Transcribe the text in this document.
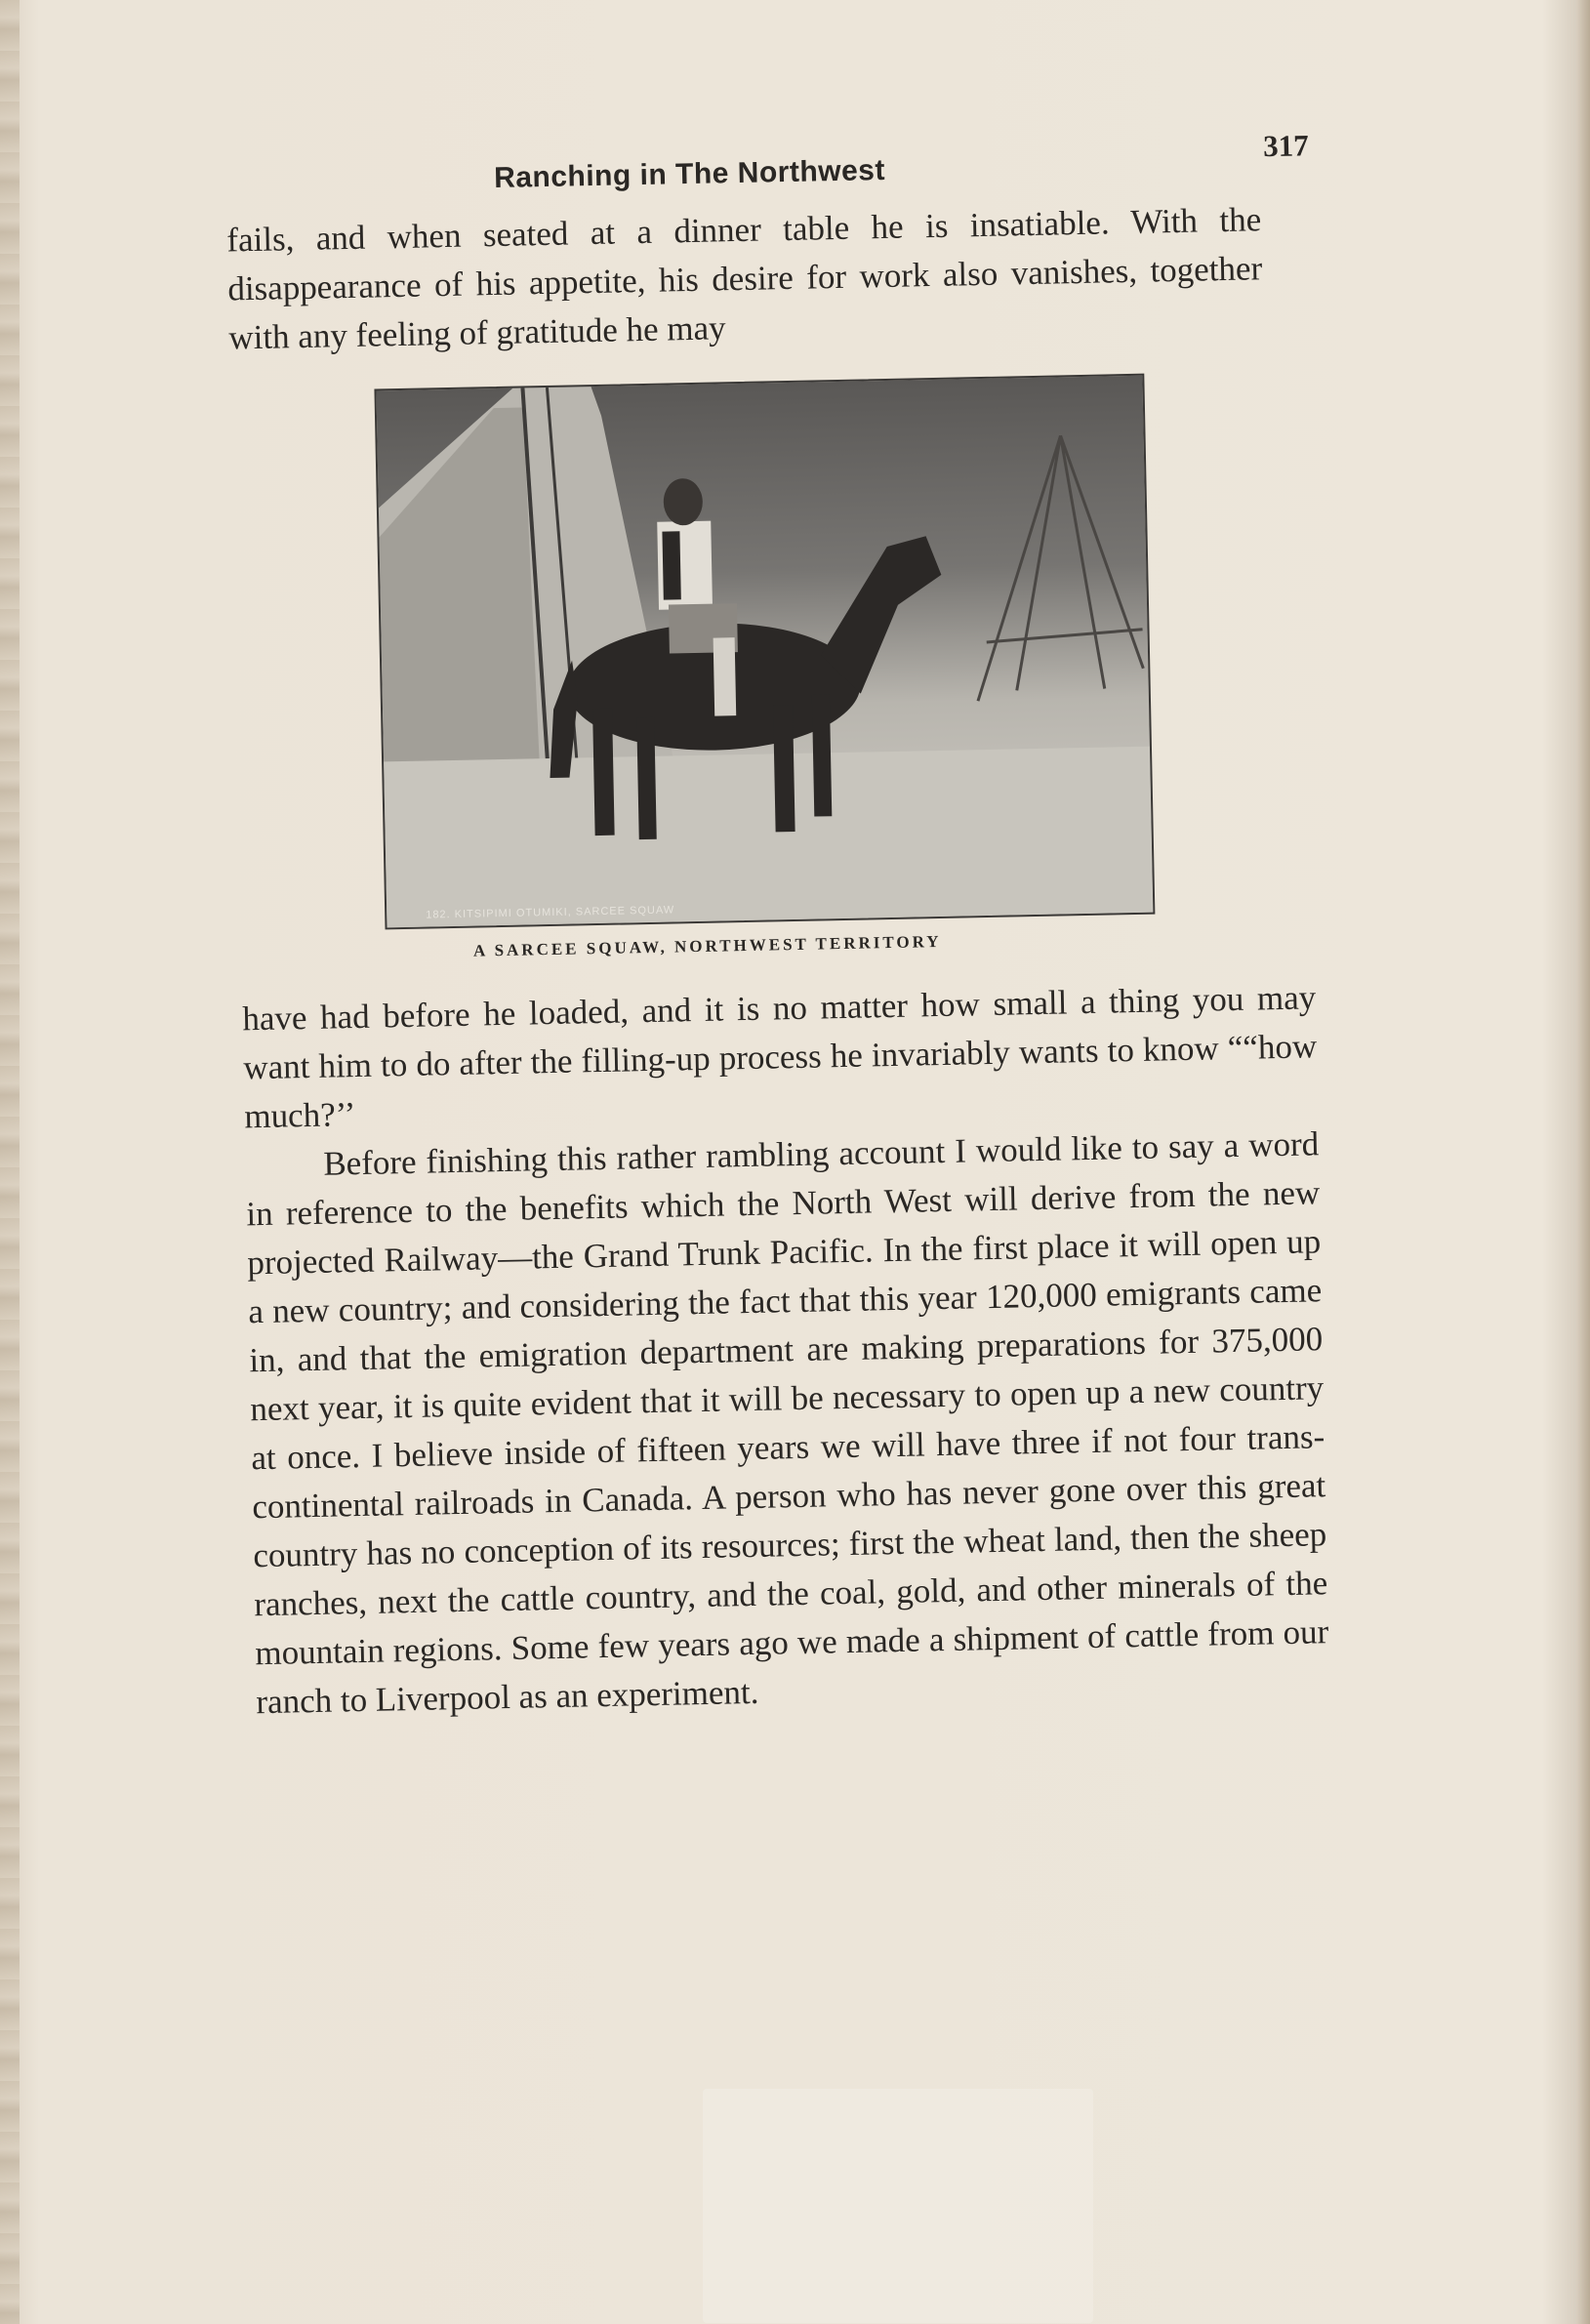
Ranching in The Northwest
317

fails, and when seated at a dinner table he is insatiable. With the disappearance of his appetite, his desire for work also vanishes, together with any feeling of gratitude he may

182. KITSIPIMI OTUMIKI, SARCEE SQUAW
A SARCEE SQUAW, NORTHWEST TERRITORY

have had before he loaded, and it is no matter how small a thing you may want him to do after the filling-up process he invariably wants to know ““how much?’’

Before finishing this rather rambling account I would like to say a word in reference to the benefits which the North West will derive from the new projected Railway—the Grand Trunk Pacific. In the first place it will open up a new country; and considering the fact that this year 120,000 emigrants came in, and that the emigration department are making preparations for 375,000 next year, it is quite evident that it will be necessary to open up a new country at once. I believe inside of fifteen years we will have three if not four trans-continental railroads in Canada. A person who has never gone over this great country has no conception of its resources; first the wheat land, then the sheep ranches, next the cattle country, and the coal, gold, and other minerals of the mountain regions. Some few years ago we made a shipment of cattle from our ranch to Liverpool as an experiment.
